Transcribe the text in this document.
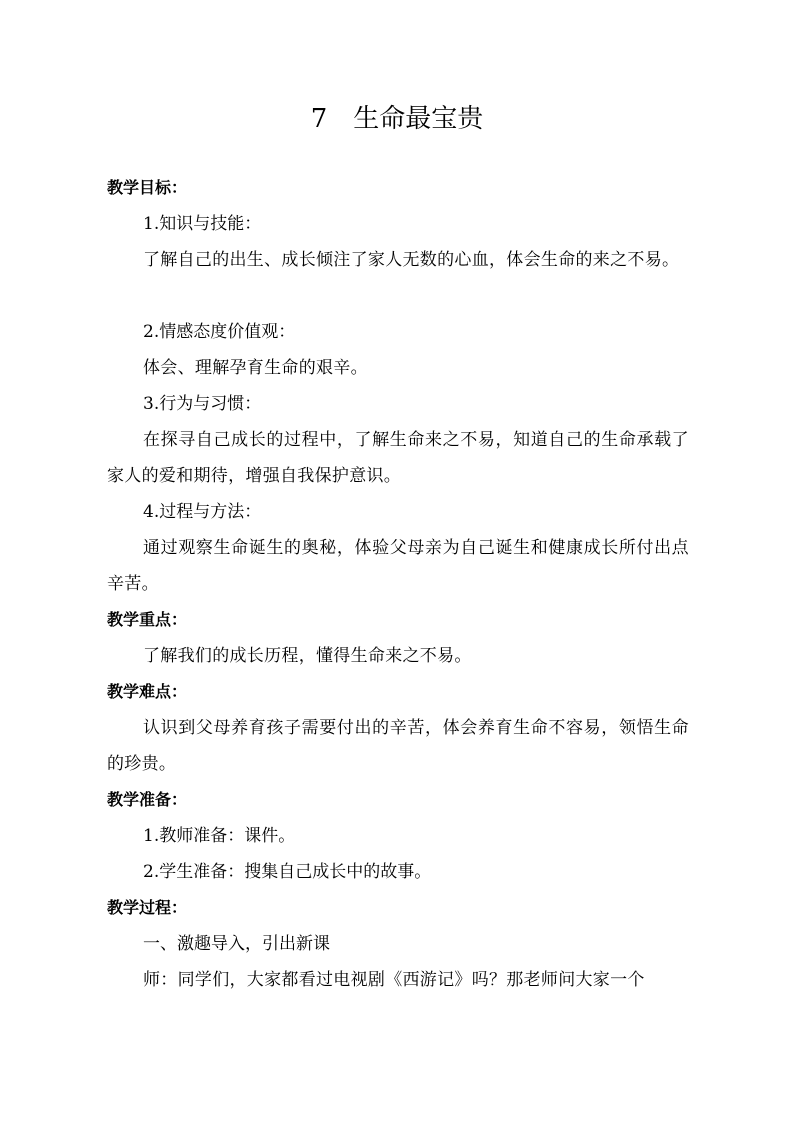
7 生命最宝贵
教学目标：
1.知识与技能：
了解自己的出生、成长倾注了家人无数的心血，体会生命的来之不易。
2.情感态度价值观：
体会、理解孕育生命的艰辛。
3.行为与习惯：
在探寻自己成长的过程中，了解生命来之不易，知道自己的生命承载了家人的爱和期待，增强自我保护意识。
4.过程与方法：
通过观察生命诞生的奥秘，体验父母亲为自己诞生和健康成长所付出点辛苦。
教学重点：
了解我们的成长历程，懂得生命来之不易。
教学难点：
认识到父母养育孩子需要付出的辛苦，体会养育生命不容易，领悟生命的珍贵。
教学准备：
1.教师准备：课件。
2.学生准备：搜集自己成长中的故事。
教学过程：
一、激趣导入，引出新课
师：同学们，大家都看过电视剧《西游记》吗？那老师问大家一个
